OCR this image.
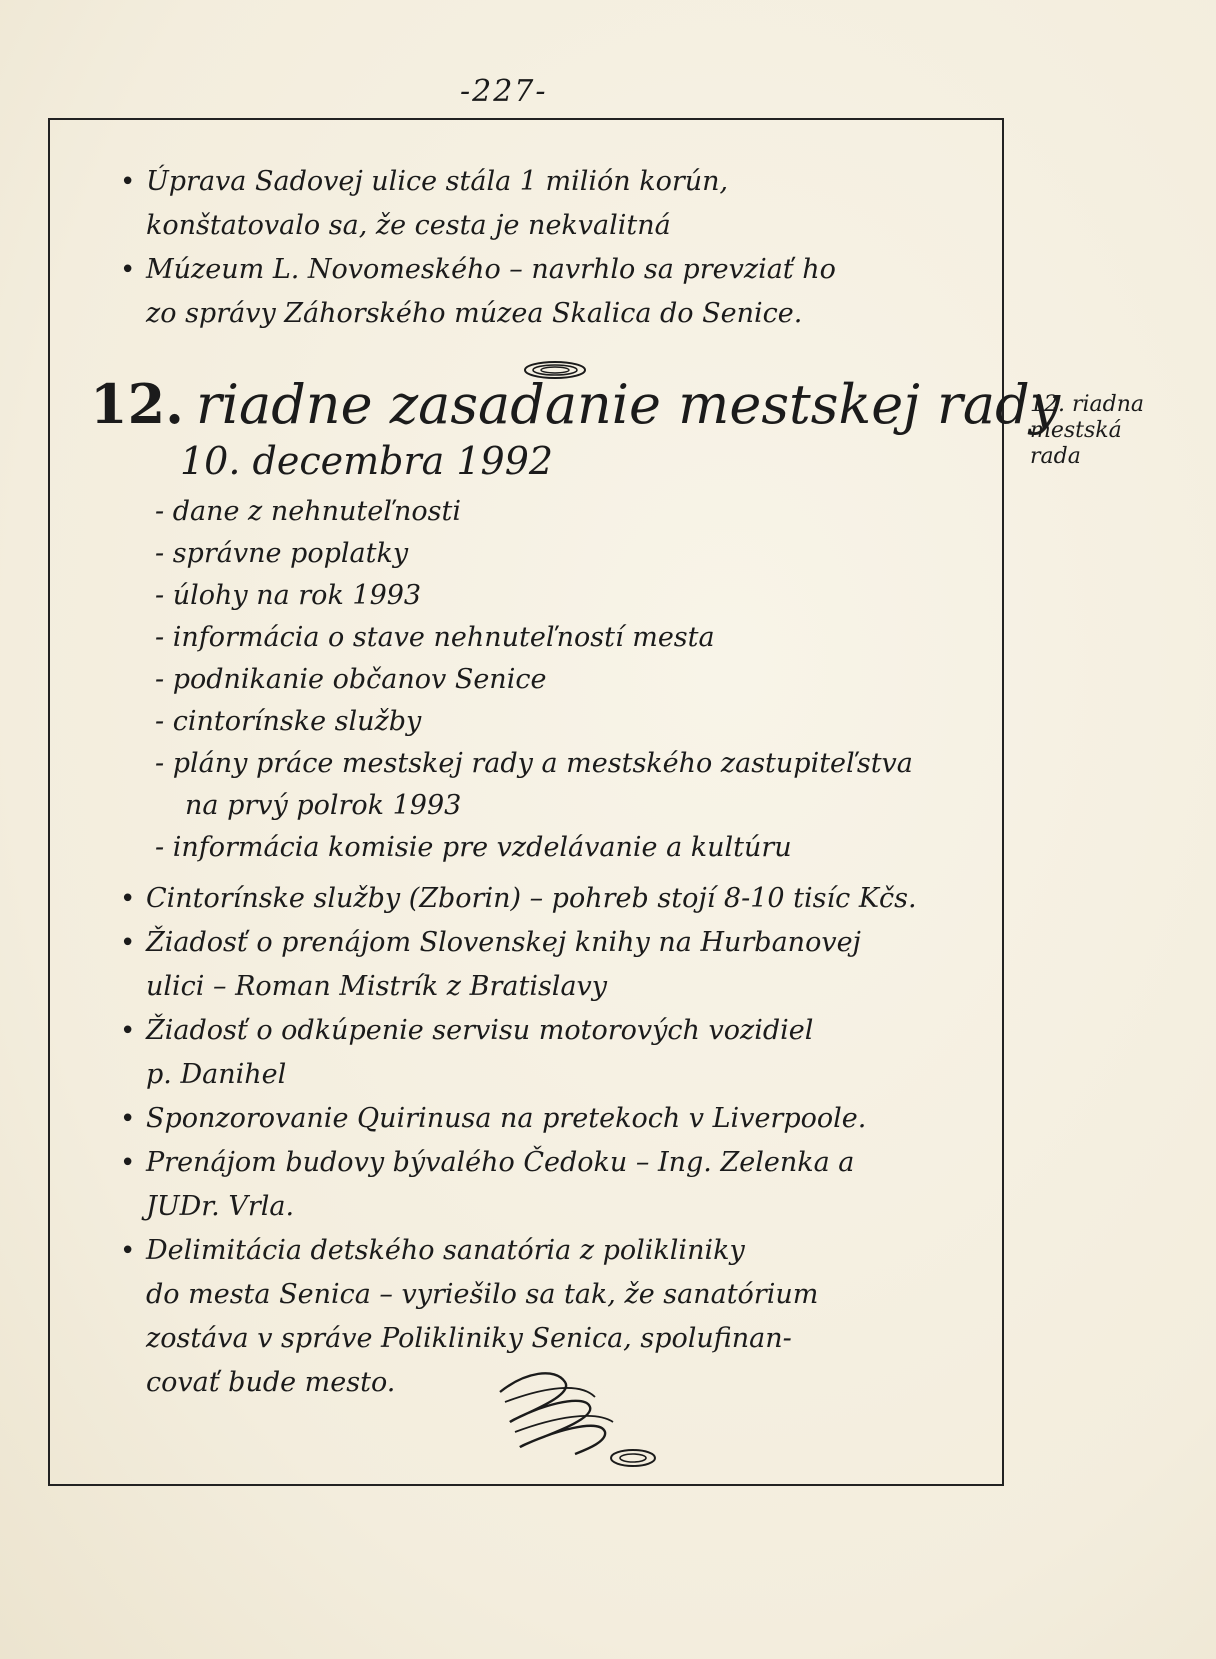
-227-
• Úprava Sadovej ulice stála 1 milión korún,
konštatovalo sa, že cesta je nekvalitná
• Múzeum L. Novomeského – navrhlo sa prevziať ho
zo správy Záhorského múzea Skalica do Senice.
12. riadne zasadanie mestskej rady
10. decembra 1992
- dane z nehnuteľnosti
- správne poplatky
- úlohy na rok 1993
- informácia o stave nehnuteľností mesta
- podnikanie občanov Senice
- cintorínske služby
- plány práce mestskej rady a mestského zastupiteľstva
na prvý polrok 1993
- informácia komisie pre vzdelávanie a kultúru
• Cintorínske služby (Zborin) – pohreb stojí 8-10 tisíc Kčs.
• Žiadosť o prenájom Slovenskej knihy na Hurbanovej
ulici – Roman Mistrík z Bratislavy
• Žiadosť o odkúpenie servisu motorových vozidiel
p. Danihel
• Sponzorovanie Quirinusa na pretekoch v Liverpoole.
• Prenájom budovy bývalého Čedoku – Ing. Zelenka a
JUDr. Vrla.
• Delimitácia detského sanatória z polikliniky
do mesta Senica – vyriešilo sa tak, že sanatórium
zostáva v správe Polikliniky Senica, spolufinan-
covať bude mesto.
12. riadna
mestská
rada
